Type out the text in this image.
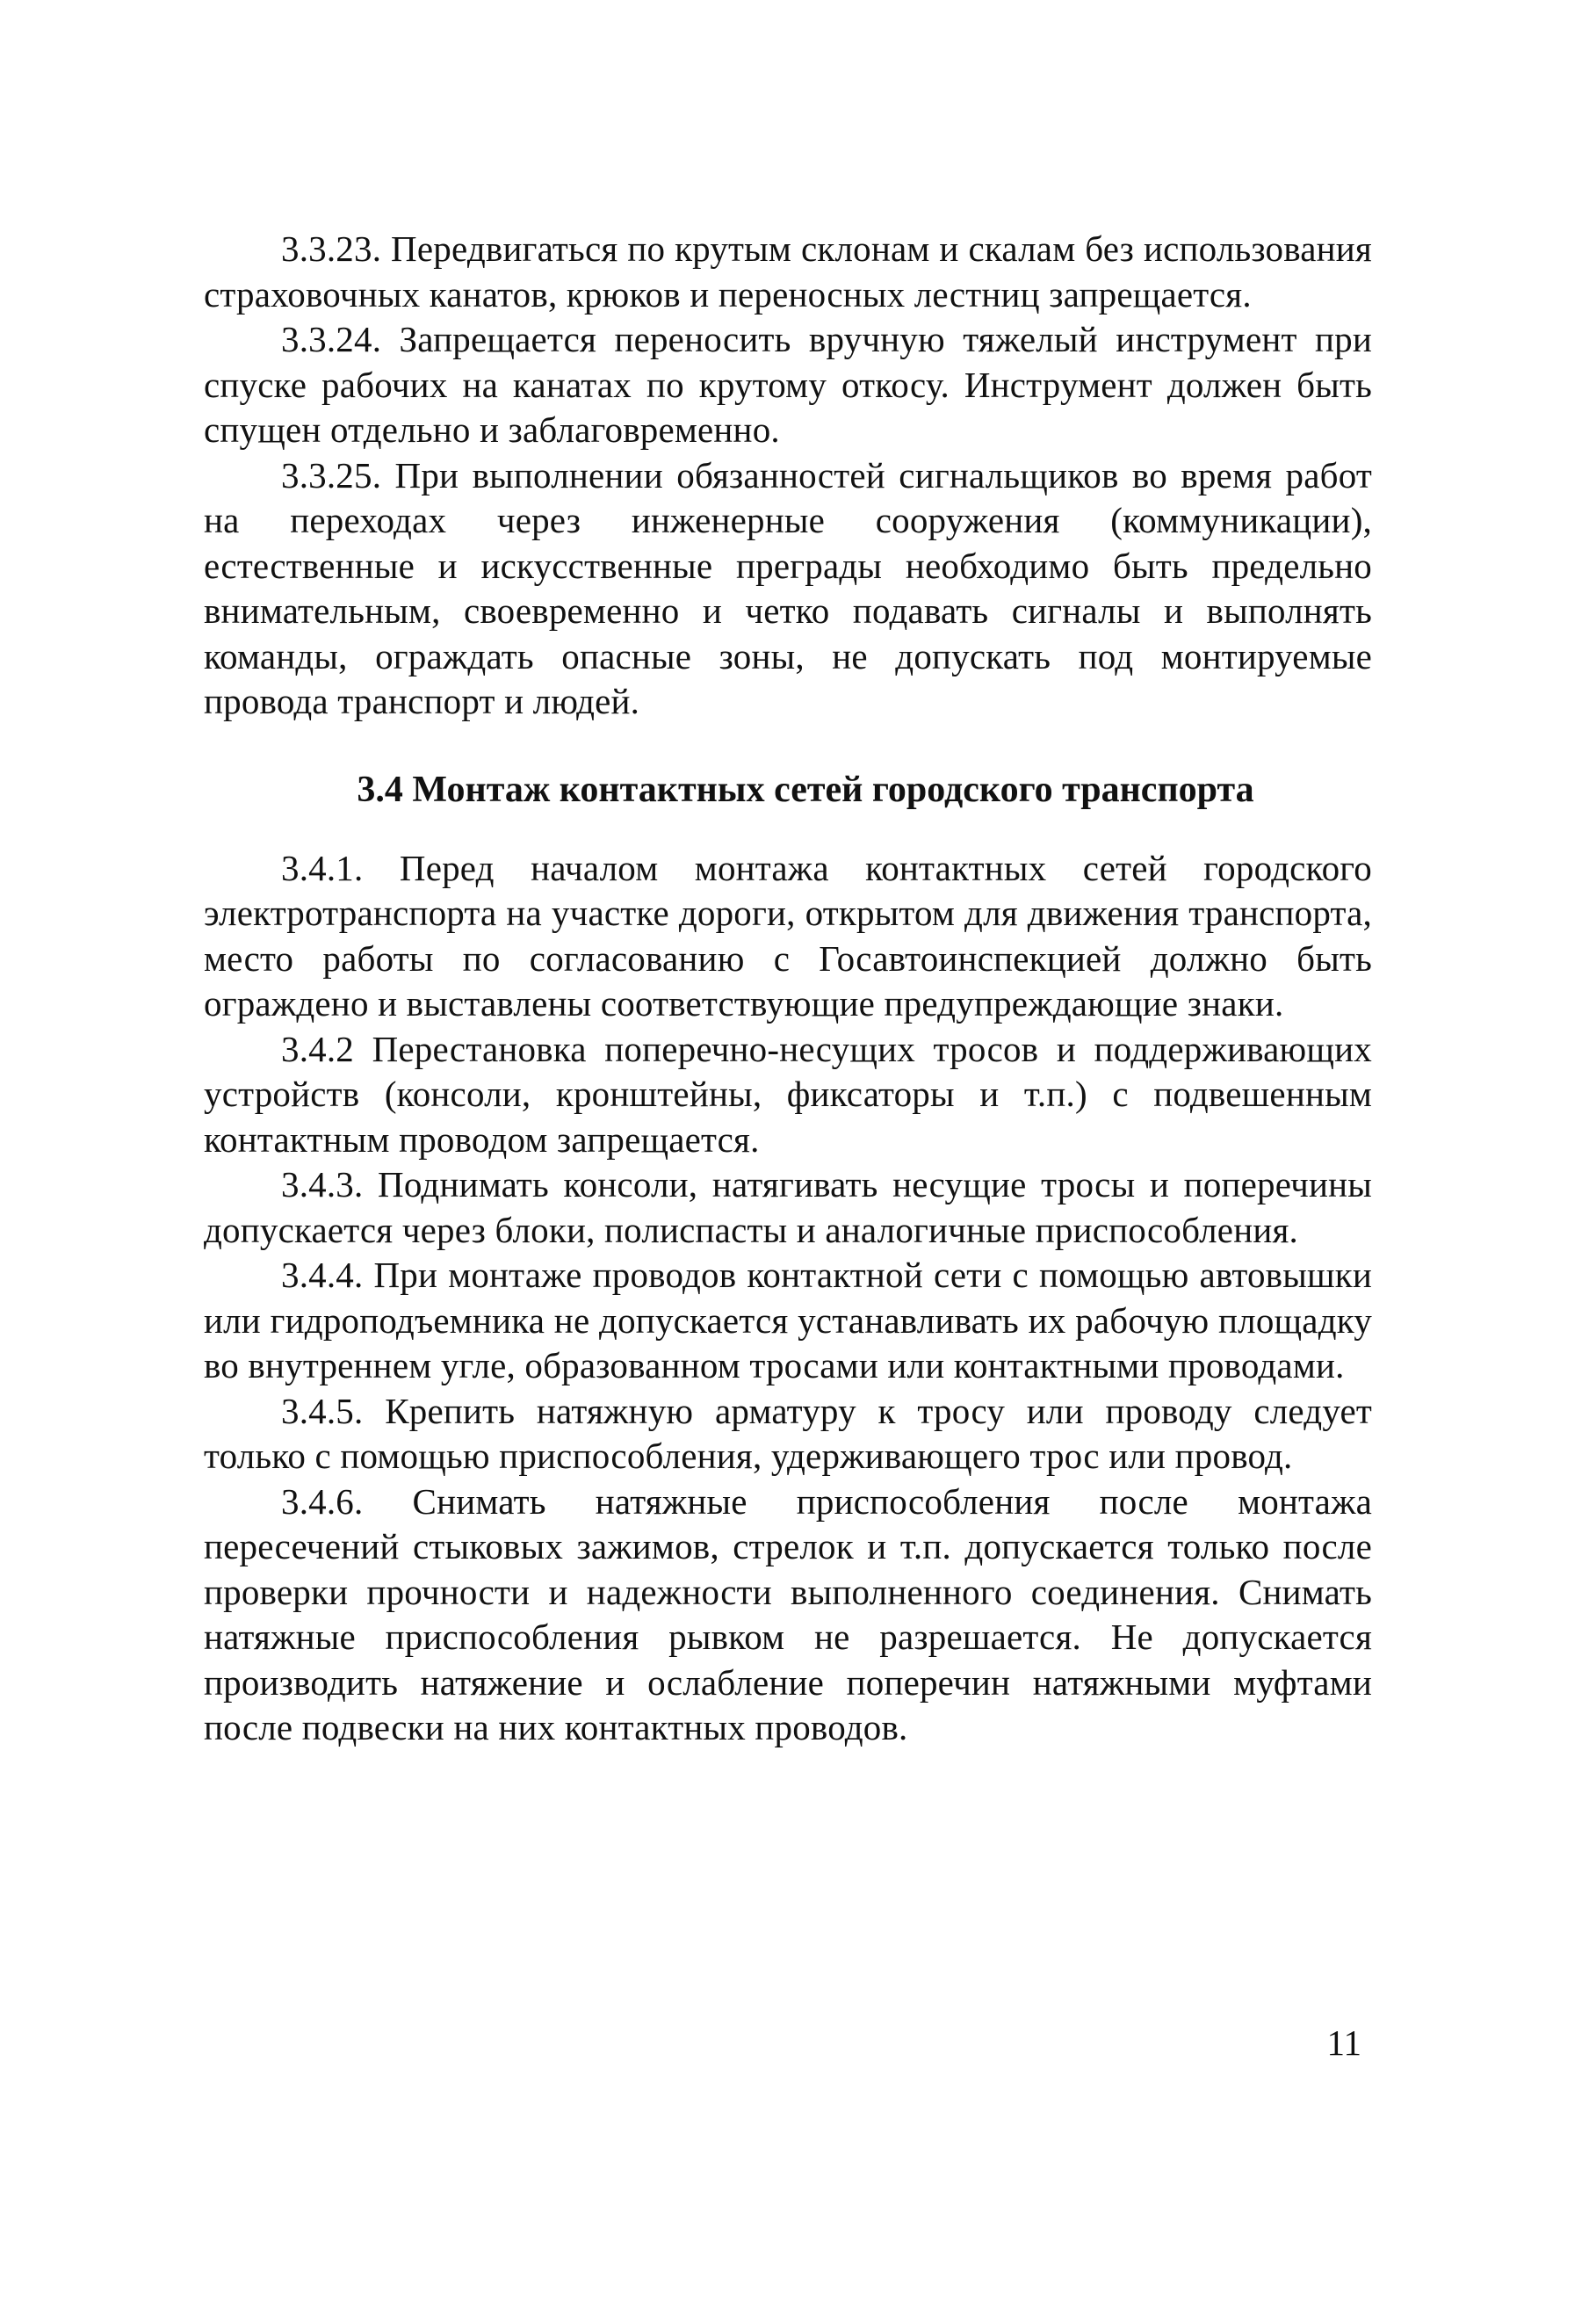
3.3.23. Передвигаться по крутым склонам и скалам без использования страховочных канатов, крюков и переносных лестниц запрещается.

3.3.24. Запрещается переносить вручную тяжелый инструмент при спуске рабочих на канатах по крутому откосу. Инструмент должен быть спущен отдельно и заблаговременно.

3.3.25. При выполнении обязанностей сигнальщиков во время работ на переходах через инженерные сооружения (коммуникации), естественные и искусственные преграды необходимо быть предельно внимательным, своевременно и четко подавать сигналы и выполнять команды, ограждать опасные зоны, не допускать под монтируемые провода транспорт и людей.

3.4 Монтаж контактных сетей городского транспорта

3.4.1. Перед началом монтажа контактных сетей городского электротранспорта на участке дороги, открытом для движения транспорта, место работы по согласованию с Госавтоинспекцией должно быть ограждено и выставлены соответствующие предупреждающие знаки.

3.4.2 Перестановка поперечно-несущих тросов и поддерживающих устройств (консоли, кронштейны, фиксаторы и т.п.) с подвешенным контактным проводом запрещается.

3.4.3. Поднимать консоли, натягивать несущие тросы и поперечины допускается через блоки, полиспасты и аналогичные приспособления.

3.4.4. При монтаже проводов контактной сети с помощью автовышки или гидроподъемника не допускается устанавливать их рабочую площадку во внутреннем угле, образованном тросами или контактными проводами.

3.4.5. Крепить натяжную арматуру к тросу или проводу следует только с помощью приспособления, удерживающего трос или провод.

3.4.6. Снимать натяжные приспособления после монтажа пересечений стыковых зажимов, стрелок и т.п. допускается только после проверки прочности и надежности выполненного соединения. Снимать натяжные приспособления рывком не разрешается. Не допускается производить натяжение и ослабление поперечин натяжными муфтами после подвески на них контактных проводов.

11
